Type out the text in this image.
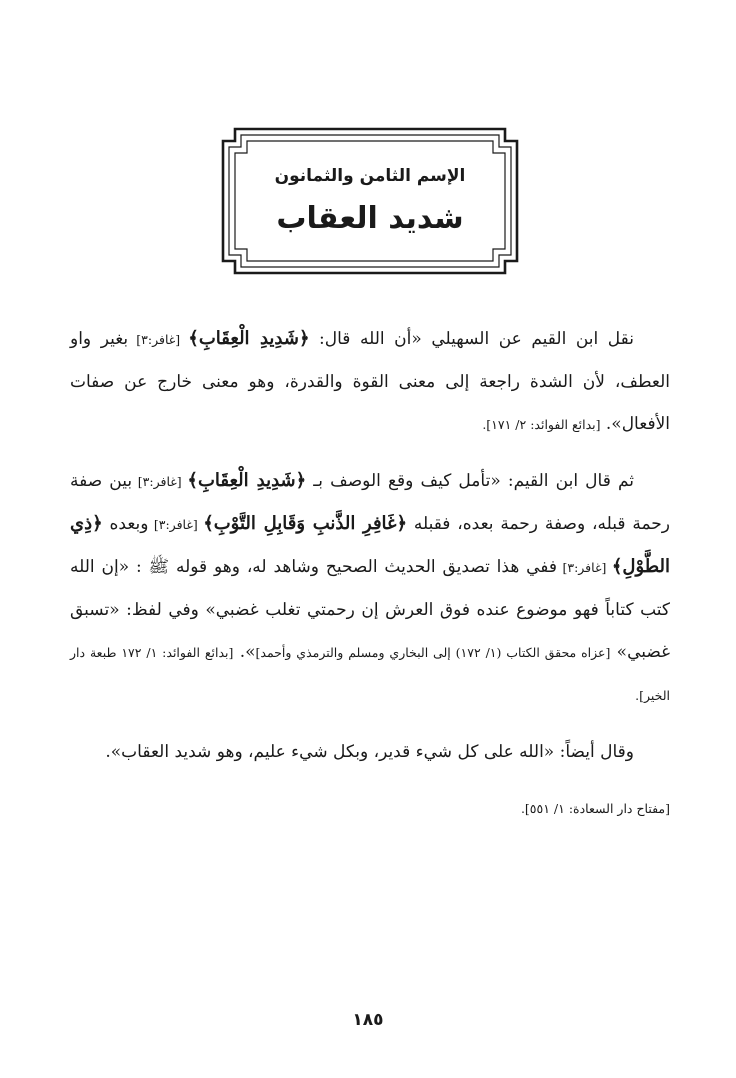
الإسم الثامن والثمانون
شديد العقاب

نقل ابن القيم عن السهيلي «أن الله قال: ﴿شَدِيدِ الْعِقَابِ﴾ [غافر:٣] بغير واو العطف، لأن الشدة راجعة إلى معنى القوة والقدرة، وهو معنى خارج عن صفات الأفعال». [بدائع الفوائد: ٢/ ١٧١].

ثم قال ابن القيم: «تأمل كيف وقع الوصف بـ ﴿شَدِيدِ الْعِقَابِ﴾ [غافر:٣] بين صفة رحمة قبله، وصفة رحمة بعده، فقبله ﴿غَافِرِ الذَّنبِ وَقَابِلِ التَّوْبِ﴾ [غافر:٣] وبعده ﴿ذِي الطَّوْلِ﴾ [غافر:٣] ففي هذا تصديق الحديث الصحيح وشاهد له، وهو قوله ﷺ : «إن الله كتب كتاباً فهو موضوع عنده فوق العرش إن رحمتي تغلب غضبي» وفي لفظ: «تسبق غضبي» [عزاه محقق الكتاب (١/ ١٧٢) إلى البخاري ومسلم والترمذي وأحمد]». [بدائع الفوائد: ١/ ١٧٢ طبعة دار الخير].

وقال أيضاً: «الله على كل شيء قدير، وبكل شيء عليم، وهو شديد العقاب».

[مفتاح دار السعادة: ١/ ٥٥١].

١٨٥
